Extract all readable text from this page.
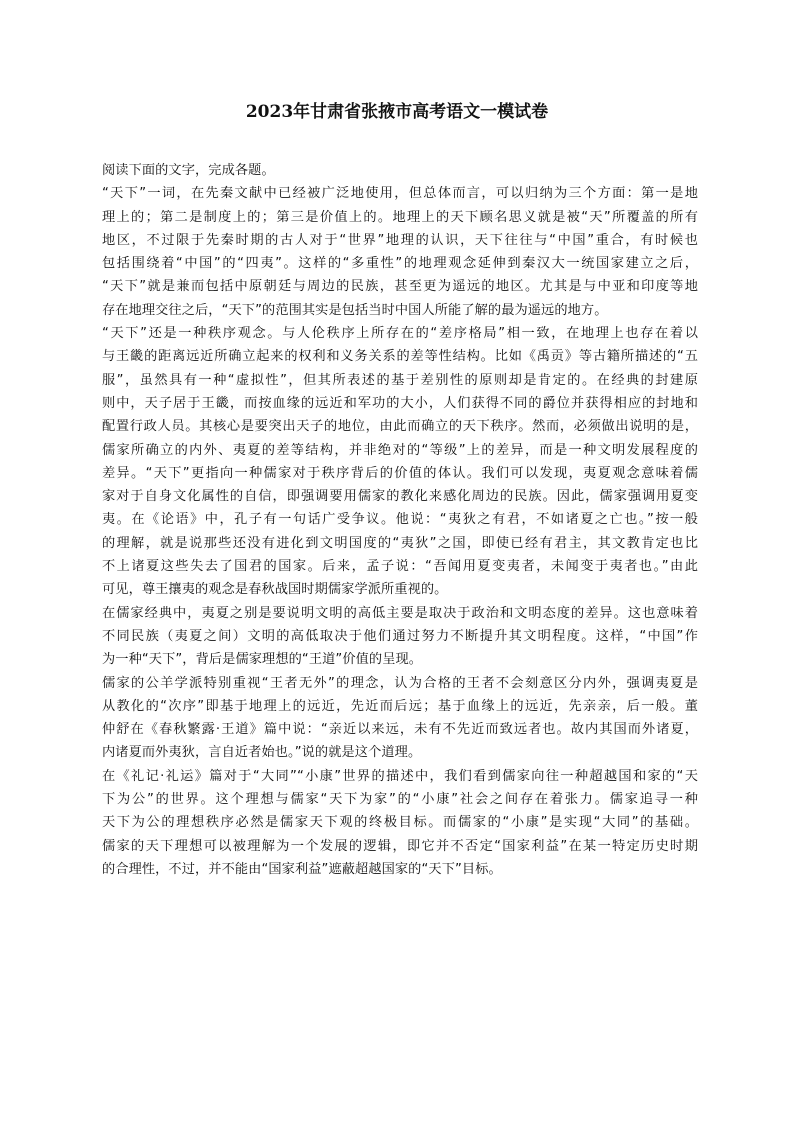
2023年甘肃省张掖市高考语文一模试卷
阅读下面的文字，完成各题。
“天下”一词，在先秦文献中已经被广泛地使用，但总体而言，可以归纳为三个方面：第一是地
理上的；第二是制度上的；第三是价值上的。地理上的天下顾名思义就是被“天”所覆盖的所有
地区，不过限于先秦时期的古人对于“世界”地理的认识，天下往往与“中国”重合，有时候也
包括围绕着“中国”的“四夷”。这样的“多重性”的地理观念延伸到秦汉大一统国家建立之后，
“天下”就是兼而包括中原朝廷与周边的民族，甚至更为遥远的地区。尤其是与中亚和印度等地
存在地理交往之后，“天下”的范围其实是包括当时中国人所能了解的最为遥远的地方。
“天下”还是一种秩序观念。与人伦秩序上所存在的“差序格局”相一致，在地理上也存在着以
与王畿的距离远近所确立起来的权利和义务关系的差等性结构。比如《禹贡》等古籍所描述的“五
服”，虽然具有一种“虚拟性”，但其所表述的基于差别性的原则却是肯定的。在经典的封建原
则中，天子居于王畿，而按血缘的远近和军功的大小，人们获得不同的爵位并获得相应的封地和
配置行政人员。其核心是要突出天子的地位，由此而确立的天下秩序。然而，必须做出说明的是，
儒家所确立的内外、夷夏的差等结构，并非绝对的“等级”上的差异，而是一种文明发展程度的
差异。“天下”更指向一种儒家对于秩序背后的价值的体认。我们可以发现，夷夏观念意味着儒
家对于自身文化属性的自信，即强调要用儒家的教化来感化周边的民族。因此，儒家强调用夏变
夷。在《论语》中，孔子有一句话广受争议。他说：“夷狄之有君，不如诸夏之亡也。”按一般
的理解，就是说那些还没有进化到文明国度的“夷狄”之国，即使已经有君主，其文教肯定也比
不上诸夏这些失去了国君的国家。后来，孟子说：“吾闻用夏变夷者，未闻变于夷者也。”由此
可见，尊王攘夷的观念是春秋战国时期儒家学派所重视的。
在儒家经典中，夷夏之别是要说明文明的高低主要是取决于政治和文明态度的差异。这也意味着
不同民族（夷夏之间）文明的高低取决于他们通过努力不断提升其文明程度。这样，“中国”作
为一种“天下”，背后是儒家理想的“王道”价值的呈现。
儒家的公羊学派特别重视“王者无外”的理念，认为合格的王者不会刻意区分内外，强调夷夏是
从教化的“次序”即基于地理上的远近，先近而后远；基于血缘上的远近，先亲亲，后一般。董
仲舒在《春秋繁露·王道》篇中说：“亲近以来远，未有不先近而致远者也。故内其国而外诸夏，
内诸夏而外夷狄，言自近者始也。”说的就是这个道理。
在《礼记·礼运》篇对于“大同”“小康”世界的描述中，我们看到儒家向往一种超越国和家的“天
下为公”的世界。这个理想与儒家“天下为家”的“小康”社会之间存在着张力。儒家追寻一种
天下为公的理想秩序必然是儒家天下观的终极目标。而儒家的“小康”是实现“大同”的基础。
儒家的天下理想可以被理解为一个发展的逻辑，即它并不否定“国家利益”在某一特定历史时期
的合理性，不过，并不能由“国家利益”遮蔽超越国家的“天下”目标。
